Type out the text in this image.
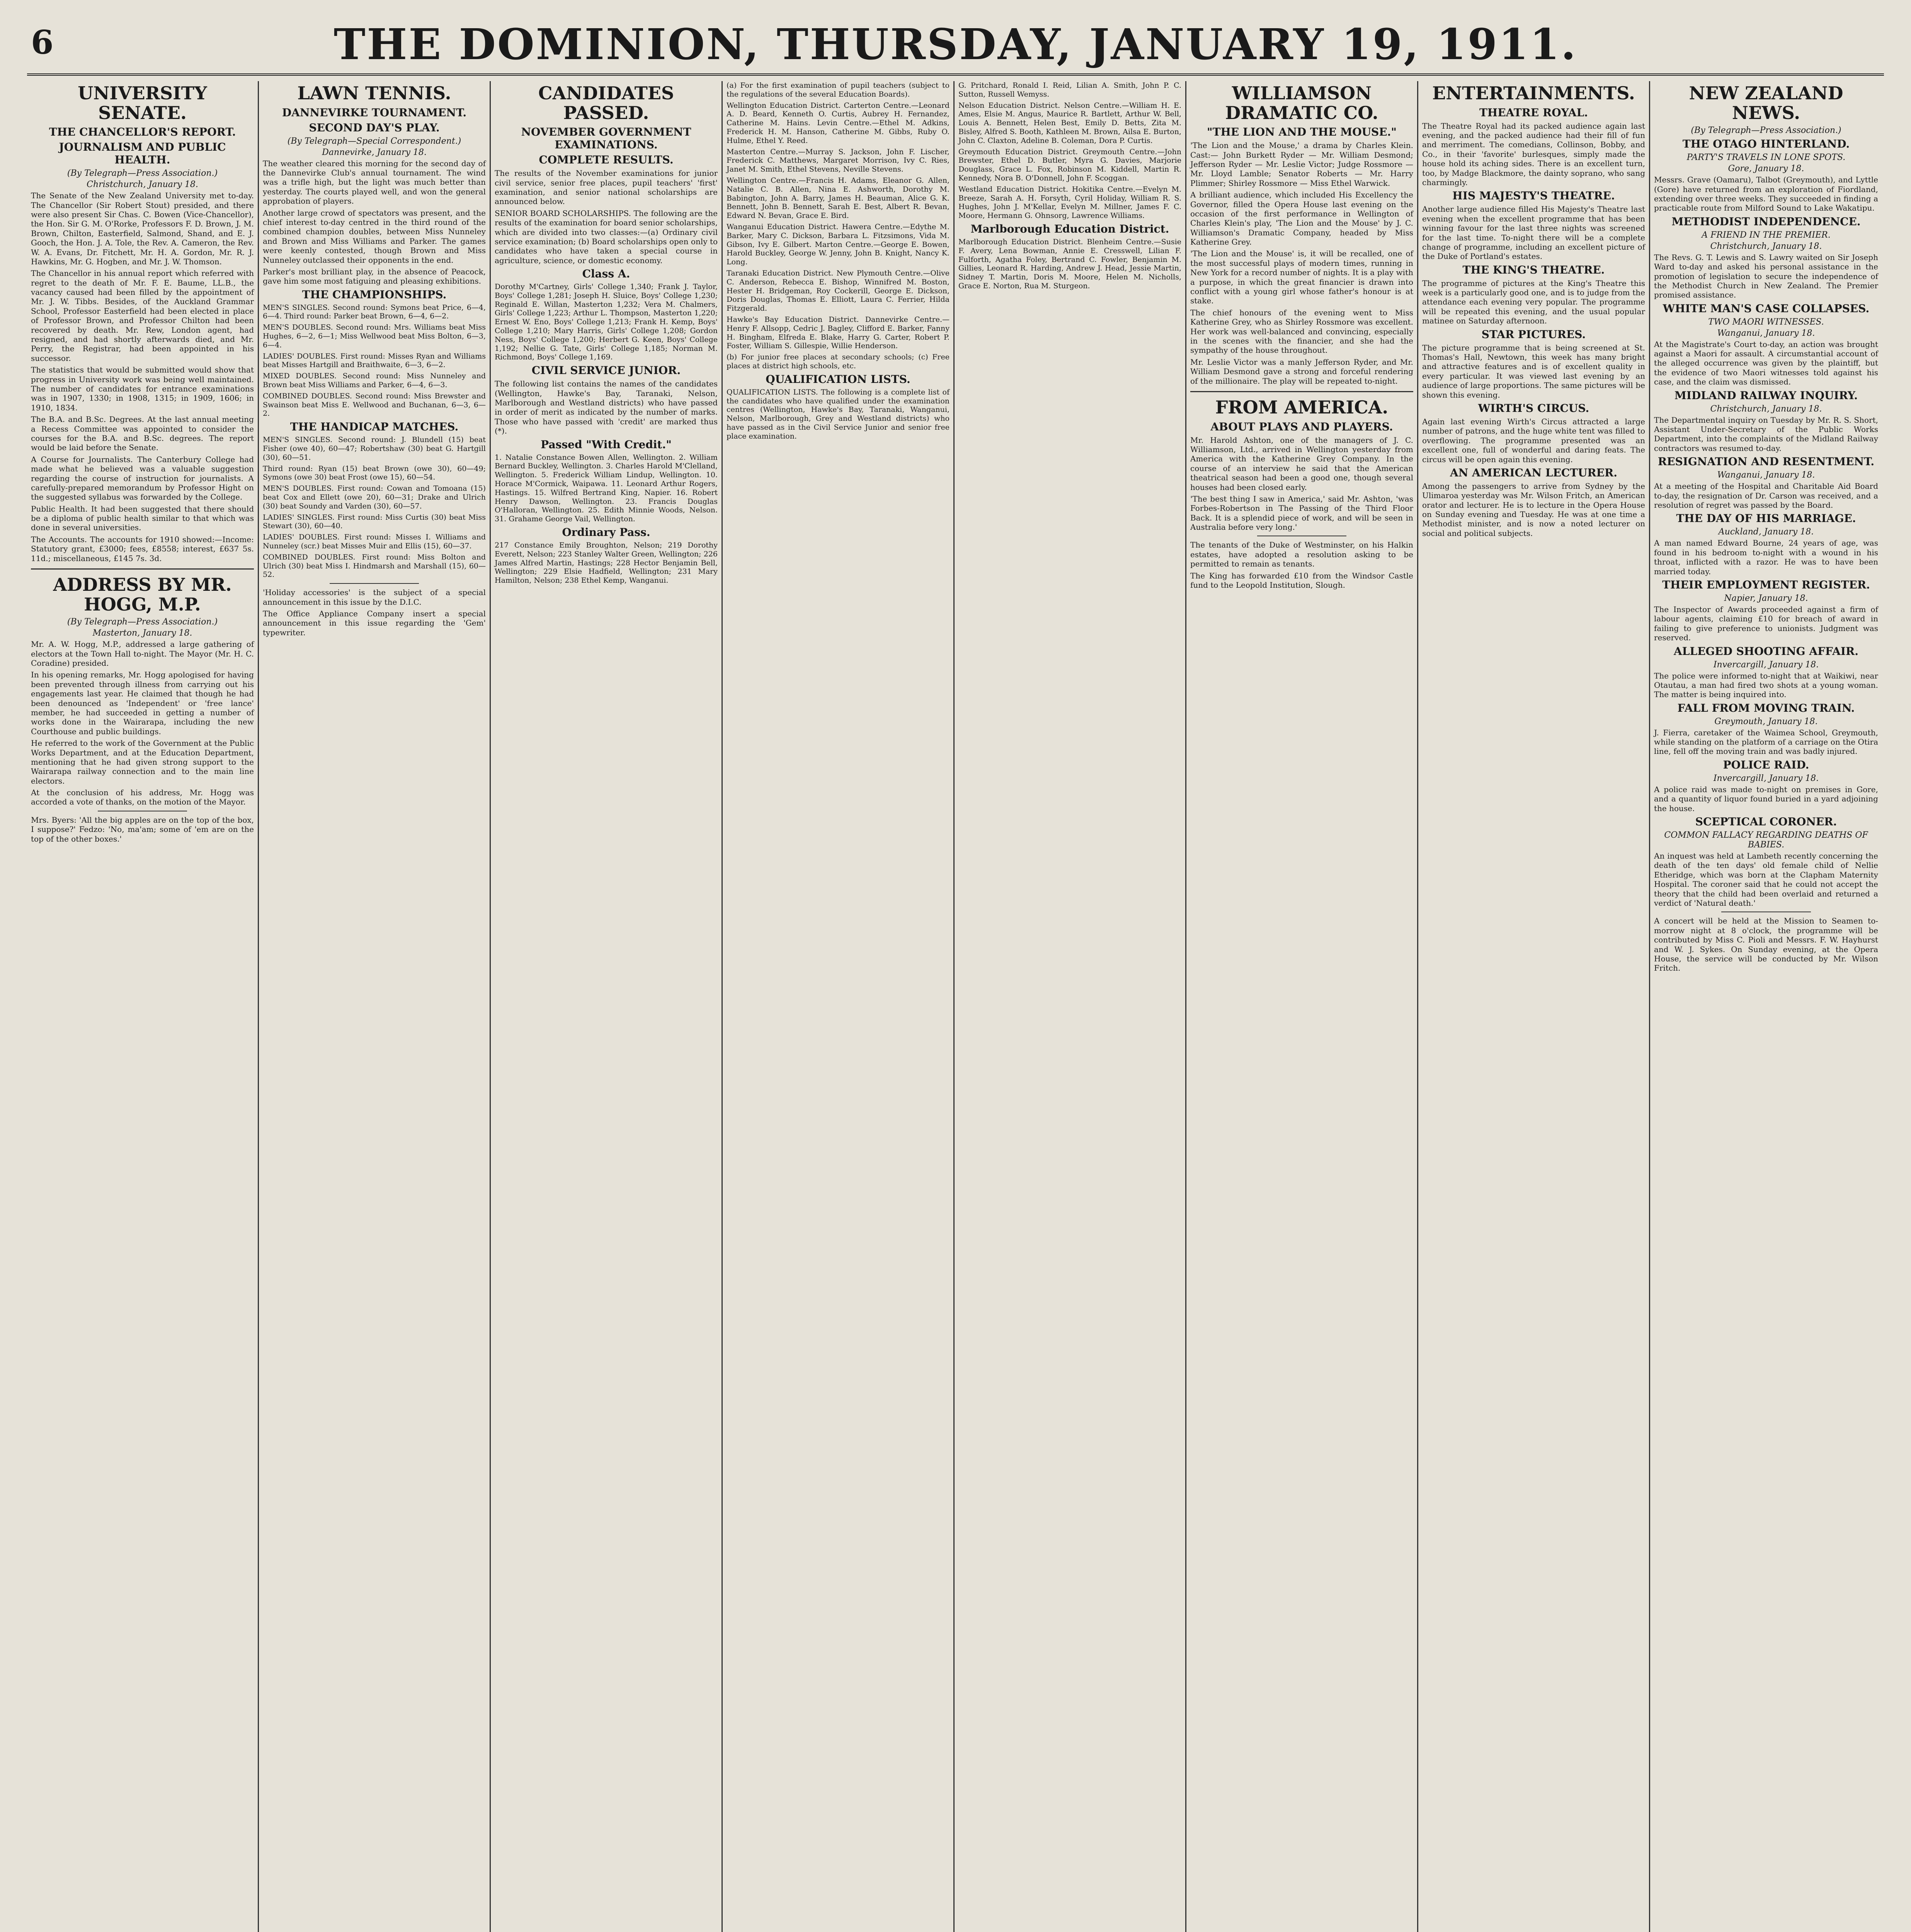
6	THE DOMINION, THURSDAY, JANUARY 19, 1911.
UNIVERSITY SENATE.
THE CHANCELLOR'S REPORT.
JOURNALISM AND PUBLIC HEALTH.
(By Telegraph—Press Association.)
Christchurch, January 18.

The Senate of the New Zealand University met to-day. The Chancellor (Sir Robert Stout) presided, and there were also present Sir Chas. C. Bowen (Vice-Chancellor), the Hon. Sir G. M. O'Rorke, Professors F. D. Brown, J. M. Brown, Chilton, Easterfield, Salmond, Shand, and E. J. Gooch, the Hon. J. A. Tole, the Rev. A. Cameron, the Rev. W. A. Evans, Dr. Fitchett, Mr. H. A. Gordon, Mr. R. J. Hawkins, Mr. G. Hogben, and Mr. J. W. Thomson.

The Chancellor in his annual report which referred with regret to the death of Mr. F. E. Baume, LL.B., the vacancy caused had been filled by the appointment of Mr. J. W. Tibbs. Besides, of the Auckland Grammar School, Professor Easterfield had been elected in place of Professor Brown, and Professor Chilton had been recovered by death. Mr. Rew, London agent, had resigned, and had shortly afterwards died, and Mr. Perry, the Registrar, had been appointed in his successor.

The statistics that would be submitted would show that progress in University work was being well maintained. The number of candidates for entrance examinations was in 1907, 1330; in 1908, 1315; in 1909, 1606; in 1910, 1834.

The B.A. and B.Sc. Degrees. At the last annual meeting a Recess Committee was appointed to consider the courses for the B.A. and B.Sc. degrees. The report would be laid before the Senate.

A Course for Journalists. The Canterbury College had made what he believed was a valuable suggestion regarding the course of instruction for journalists. A carefully-prepared memorandum by Professor Hight on the suggested syllabus was forwarded by the College.

Public Health. It had been suggested that there should be a diploma of public health similar to that which was done in several universities.

The Accounts. The accounts for 1910 showed:—Income: Statutory grant, £3000; fees, £8558; interest, £637 5s. 11d.; miscellaneous, £145 7s. 3d.

ADDRESS BY MR. HOGG, M.P.
(By Telegraph—Press Association.)
Masterton, January 18.

Mr. A. W. Hogg, M.P., addressed a large gathering of electors at the Town Hall to-night. The Mayor (Mr. H. C. Coradine) presided.

In his opening remarks, Mr. Hogg apologised for having been prevented through illness from carrying out his engagements last year. He claimed that though he had been denounced as 'Independent' or 'free lance' member, he had succeeded in getting a number of works done in the Wairarapa, including the new Courthouse and public buildings.

He referred to the work of the Government at the Public Works Department, and at the Education Department, mentioning that he had given strong support to the Wairarapa railway connection and to the main line electors.

At the conclusion of his address, Mr. Hogg was accorded a vote of thanks, on the motion of the Mayor.

Mrs. Byers: 'All the big apples are on the top of the box, I suppose?' Fedzo: 'No, ma'am; some of 'em are on the top of the other boxes.'

LAWN TENNIS.
DANNEVIRKE TOURNAMENT.
SECOND DAY'S PLAY.
(By Telegraph—Special Correspondent.)
Dannevirke, January 18.

The weather cleared this morning for the second day of the Dannevirke Club's annual tournament. The wind was a trifle high, but the light was much better than yesterday. The courts played well, and won the general approbation of players.

Another large crowd of spectators was present, and the chief interest to-day centred in the third round of the combined champion doubles, between Miss Nunneley and Brown and Miss Williams and Parker. The games were keenly contested, though Brown and Miss Nunneley outclassed their opponents in the end.

Parker's most brilliant play, in the absence of Peacock, gave him some most fatiguing and pleasing exhibitions.

THE CHAMPIONSHIPS.

MEN'S SINGLES. Second round: Symons beat Price, 6—4, 6—4. Third round: Parker beat Brown, 6—4, 6—2.

MEN'S DOUBLES. Second round: Mrs. Williams beat Miss Hughes, 6—2, 6—1; Miss Wellwood beat Miss Bolton, 6—3, 6—4.

LADIES' DOUBLES. First round: Misses Ryan and Williams beat Misses Hartgill and Braithwaite, 6—3, 6—2.

MIXED DOUBLES. Second round: Miss Nunneley and Brown beat Miss Williams and Parker, 6—4, 6—3.

COMBINED DOUBLES. Second round: Miss Brewster and Swainson beat Miss E. Wellwood and Buchanan, 6—3, 6—2.

THE HANDICAP MATCHES.

MEN'S SINGLES. Second round: J. Blundell (15) beat Fisher (owe 40), 60—47; Robertshaw (30) beat G. Hartgill (30), 60—51.

Third round: Ryan (15) beat Brown (owe 30), 60—49; Symons (owe 30) beat Frost (owe 15), 60—54.

MEN'S DOUBLES. First round: Cowan and Tomoana (15) beat Cox and Ellett (owe 20), 60—31; Drake and Ulrich (30) beat Soundy and Varden (30), 60—57.

LADIES' SINGLES. First round: Miss Curtis (30) beat Miss Stewart (30), 60—40.

LADIES' DOUBLES. First round: Misses I. Williams and Nunneley (scr.) beat Misses Muir and Ellis (15), 60—37.

COMBINED DOUBLES. First round: Miss Bolton and Ulrich (30) beat Miss I. Hindmarsh and Marshall (15), 60—52.

'Holiday accessories' is the subject of a special announcement in this issue by the D.I.C.

The Office Appliance Company insert a special announcement in this issue regarding the 'Gem' typewriter.

CANDIDATES PASSED.
NOVEMBER GOVERNMENT EXAMINATIONS.
COMPLETE RESULTS.

The results of the November examinations for junior civil service, senior free places, pupil teachers' 'first' examination, and senior national scholarships are announced below.

SENIOR BOARD SCHOLARSHIPS. The following are the results of the examination for board senior scholarships, which are divided into two classes:—(a) Ordinary civil service examination; (b) Board scholarships open only to candidates who have taken a special course in agriculture, science, or domestic economy.

Class A.

Dorothy M'Cartney, Girls' College 1,340; Frank J. Taylor, Boys' College 1,281; Joseph H. Sluice, Boys' College 1,230; Reginald E. Willan, Masterton 1,232; Vera M. Chalmers, Girls' College 1,223; Arthur L. Thompson, Masterton 1,220; Ernest W. Eno, Boys' College 1,213; Frank H. Kemp, Boys' College 1,210; Mary Harris, Girls' College 1,208; Gordon Ness, Boys' College 1,200; Herbert G. Keen, Boys' College 1,192; Nellie G. Tate, Girls' College 1,185; Norman M. Richmond, Boys' College 1,169.

CIVIL SERVICE JUNIOR.

The following list contains the names of the candidates (Wellington, Hawke's Bay, Taranaki, Nelson, Marlborough and Westland districts) who have passed in order of merit as indicated by the number of marks. Those who have passed with 'credit' are marked thus (*).

Passed "With Credit."

1. Natalie Constance Bowen Allen, Wellington. 2. William Bernard Buckley, Wellington. 3. Charles Harold M'Clelland, Wellington. 5. Frederick William Lindup, Wellington. 10. Horace M'Cormick, Waipawa. 11. Leonard Arthur Rogers, Hastings. 15. Wilfred Bertrand King, Napier. 16. Robert Henry Dawson, Wellington. 23. Francis Douglas O'Halloran, Wellington. 25. Edith Minnie Woods, Nelson. 31. Grahame George Vail, Wellington.

Ordinary Pass.

217 Constance Emily Broughton, Nelson; 219 Dorothy Everett, Nelson; 223 Stanley Walter Green, Wellington; 226 James Alfred Martin, Hastings; 228 Hector Benjamin Bell, Wellington; 229 Elsie Hadfield, Wellington; 231 Mary Hamilton, Nelson; 238 Ethel Kemp, Wanganui.

(a) For the first examination of pupil teachers (subject to the regulations of the several Education Boards).

Wellington Education District. Carterton Centre.—Leonard A. D. Beard, Kenneth O. Curtis, Aubrey H. Fernandez, Catherine M. Hains. Levin Centre.—Ethel M. Adkins, Frederick H. M. Hanson, Catherine M. Gibbs, Ruby O. Hulme, Ethel Y. Reed.

Masterton Centre.—Murray S. Jackson, John F. Lischer, Frederick C. Matthews, Margaret Morrison, Ivy C. Ries, Janet M. Smith, Ethel Stevens, Neville Stevens.

Wellington Centre.—Francis H. Adams, Eleanor G. Allen, Natalie C. B. Allen, Nina E. Ashworth, Dorothy M. Babington, John A. Barry, James H. Beauman, Alice G. K. Bennett, John B. Bennett, Sarah E. Best, Albert R. Bevan, Edward N. Bevan, Grace E. Bird.

Wanganui Education District. Hawera Centre.—Edythe M. Barker, Mary C. Dickson, Barbara L. Fitzsimons, Vida M. Gibson, Ivy E. Gilbert. Marton Centre.—George E. Bowen, Harold Buckley, George W. Jenny, John B. Knight, Nancy K. Long.

Taranaki Education District. New Plymouth Centre.—Olive C. Anderson, Rebecca E. Bishop, Winnifred M. Boston, Hester H. Bridgeman, Roy Cockerill, George E. Dickson, Doris Douglas, Thomas E. Elliott, Laura C. Ferrier, Hilda Fitzgerald.

Hawke's Bay Education District. Dannevirke Centre.—Henry F. Allsopp, Cedric J. Bagley, Clifford E. Barker, Fanny H. Bingham, Elfreda E. Blake, Harry G. Carter, Robert P. Foster, William S. Gillespie, Willie Henderson.

(b) For junior free places at secondary schools; (c) Free places at district high schools, etc.

QUALIFICATION LISTS.

QUALIFICATION LISTS. The following is a complete list of the candidates who have qualified under the examination centres (Wellington, Hawke's Bay, Taranaki, Wanganui, Nelson, Marlborough, Grey and Westland districts) who have passed as in the Civil Service Junior and senior free place examination.

G. Pritchard, Ronald I. Reid, Lilian A. Smith, John P. C. Sutton, Russell Wemyss.

Nelson Education District. Nelson Centre.—William H. E. Ames, Elsie M. Angus, Maurice R. Bartlett, Arthur W. Bell, Louis A. Bennett, Helen Best, Emily D. Betts, Zita M. Bisley, Alfred S. Booth, Kathleen M. Brown, Ailsa E. Burton, John C. Claxton, Adeline B. Coleman, Dora P. Curtis.

Greymouth Education District. Greymouth Centre.—John Brewster, Ethel D. Butler, Myra G. Davies, Marjorie Douglass, Grace L. Fox, Robinson M. Kiddell, Martin R. Kennedy, Nora B. O'Donnell, John F. Scoggan.

Westland Education District. Hokitika Centre.—Evelyn M. Breeze, Sarah A. H. Forsyth, Cyril Holiday, William R. S. Hughes, John J. M'Kellar, Evelyn M. Millner, James F. C. Moore, Hermann G. Ohnsorg, Lawrence Williams.

Marlborough Education District.

Marlborough Education District. Blenheim Centre.—Susie F. Avery, Lena Bowman, Annie E. Cresswell, Lilian F. Fulforth, Agatha Foley, Bertrand C. Fowler, Benjamin M. Gillies, Leonard R. Harding, Andrew J. Head, Jessie Martin, Sidney T. Martin, Doris M. Moore, Helen M. Nicholls, Grace E. Norton, Rua M. Sturgeon.

WILLIAMSON DRAMATIC CO.
"THE LION AND THE MOUSE."

'The Lion and the Mouse,' a drama by Charles Klein. Cast:— John Burkett Ryder — Mr. William Desmond; Jefferson Ryder — Mr. Leslie Victor; Judge Rossmore — Mr. Lloyd Lamble; Senator Roberts — Mr. Harry Plimmer; Shirley Rossmore — Miss Ethel Warwick.

A brilliant audience, which included His Excellency the Governor, filled the Opera House last evening on the occasion of the first performance in Wellington of Charles Klein's play, 'The Lion and the Mouse' by J. C. Williamson's Dramatic Company, headed by Miss Katherine Grey.

'The Lion and the Mouse' is, it will be recalled, one of the most successful plays of modern times, running in New York for a record number of nights. It is a play with a purpose, in which the great financier is drawn into conflict with a young girl whose father's honour is at stake.

The chief honours of the evening went to Miss Katherine Grey, who as Shirley Rossmore was excellent. Her work was well-balanced and convincing, especially in the scenes with the financier, and she had the sympathy of the house throughout.

Mr. Leslie Victor was a manly Jefferson Ryder, and Mr. William Desmond gave a strong and forceful rendering of the millionaire. The play will be repeated to-night.

FROM AMERICA.
ABOUT PLAYS AND PLAYERS.

Mr. Harold Ashton, one of the managers of J. C. Williamson, Ltd., arrived in Wellington yesterday from America with the Katherine Grey Company. In the course of an interview he said that the American theatrical season had been a good one, though several houses had been closed early.

'The best thing I saw in America,' said Mr. Ashton, 'was Forbes-Robertson in The Passing of the Third Floor Back. It is a splendid piece of work, and will be seen in Australia before very long.'

The tenants of the Duke of Westminster, on his Halkin estates, have adopted a resolution asking to be permitted to remain as tenants.

The King has forwarded £10 from the Windsor Castle fund to the Leopold Institution, Slough.

ENTERTAINMENTS.
THEATRE ROYAL.

The Theatre Royal had its packed audience again last evening, and the packed audience had their fill of fun and merriment. The comedians, Collinson, Bobby, and Co., in their 'favorite' burlesques, simply made the house hold its aching sides. There is an excellent turn, too, by Madge Blackmore, the dainty soprano, who sang charmingly.

HIS MAJESTY'S THEATRE.

Another large audience filled His Majesty's Theatre last evening when the excellent programme that has been winning favour for the last three nights was screened for the last time. To-night there will be a complete change of programme, including an excellent picture of the Duke of Portland's estates.

THE KING'S THEATRE.

The programme of pictures at the King's Theatre this week is a particularly good one, and is to judge from the attendance each evening very popular. The programme will be repeated this evening, and the usual popular matinee on Saturday afternoon.

STAR PICTURES.

The picture programme that is being screened at St. Thomas's Hall, Newtown, this week has many bright and attractive features and is of excellent quality in every particular. It was viewed last evening by an audience of large proportions. The same pictures will be shown this evening.

WIRTH'S CIRCUS.

Again last evening Wirth's Circus attracted a large number of patrons, and the huge white tent was filled to overflowing. The programme presented was an excellent one, full of wonderful and daring feats. The circus will be open again this evening.

AN AMERICAN LECTURER.

Among the passengers to arrive from Sydney by the Ulimaroa yesterday was Mr. Wilson Fritch, an American orator and lecturer. He is to lecture in the Opera House on Sunday evening and Tuesday. He was at one time a Methodist minister, and is now a noted lecturer on social and political subjects.

NEW ZEALAND NEWS.
(By Telegraph—Press Association.)
THE OTAGO HINTERLAND.
PARTY'S TRAVELS IN LONE SPOTS.
Gore, January 18.

Messrs. Grave (Oamaru), Talbot (Greymouth), and Lyttle (Gore) have returned from an exploration of Fiordland, extending over three weeks. They succeeded in finding a practicable route from Milford Sound to Lake Wakatipu.

METHODIST INDEPENDENCE.
A FRIEND IN THE PREMIER.
Christchurch, January 18.

The Revs. G. T. Lewis and S. Lawry waited on Sir Joseph Ward to-day and asked his personal assistance in the promotion of legislation to secure the independence of the Methodist Church in New Zealand. The Premier promised assistance.

WHITE MAN'S CASE COLLAPSES.
TWO MAORI WITNESSES.
Wanganui, January 18.

At the Magistrate's Court to-day, an action was brought against a Maori for assault. A circumstantial account of the alleged occurrence was given by the plaintiff, but the evidence of two Maori witnesses told against his case, and the claim was dismissed.

MIDLAND RAILWAY INQUIRY.
Christchurch, January 18.

The Departmental inquiry on Tuesday by Mr. R. S. Short, Assistant Under-Secretary of the Public Works Department, into the complaints of the Midland Railway contractors was resumed to-day.

RESIGNATION AND RESENTMENT.
Wanganui, January 18.

At a meeting of the Hospital and Charitable Aid Board to-day, the resignation of Dr. Carson was received, and a resolution of regret was passed by the Board.

THE DAY OF HIS MARRIAGE.
Auckland, January 18.

A man named Edward Bourne, 24 years of age, was found in his bedroom to-night with a wound in his throat, inflicted with a razor. He was to have been married today.

THEIR EMPLOYMENT REGISTER.
Napier, January 18.

The Inspector of Awards proceeded against a firm of labour agents, claiming £10 for breach of award in failing to give preference to unionists. Judgment was reserved.

ALLEGED SHOOTING AFFAIR.
Invercargill, January 18.

The police were informed to-night that at Waikiwi, near Otautau, a man had fired two shots at a young woman. The matter is being inquired into.

FALL FROM MOVING TRAIN.
Greymouth, January 18.

J. Fierra, caretaker of the Waimea School, Greymouth, while standing on the platform of a carriage on the Otira line, fell off the moving train and was badly injured.

POLICE RAID.
Invercargill, January 18.

A police raid was made to-night on premises in Gore, and a quantity of liquor found buried in a yard adjoining the house.

SCEPTICAL CORONER.
COMMON FALLACY REGARDING DEATHS OF BABIES.

An inquest was held at Lambeth recently concerning the death of the ten days' old female child of Nellie Etheridge, which was born at the Clapham Maternity Hospital. The coroner said that he could not accept the theory that the child had been overlaid and returned a verdict of 'Natural death.'

A concert will be held at the Mission to Seamen to-morrow night at 8 o'clock, the programme will be contributed by Miss C. Pioli and Messrs. F. W. Hayhurst and W. J. Sykes. On Sunday evening, at the Opera House, the service will be conducted by Mr. Wilson Fritch.
